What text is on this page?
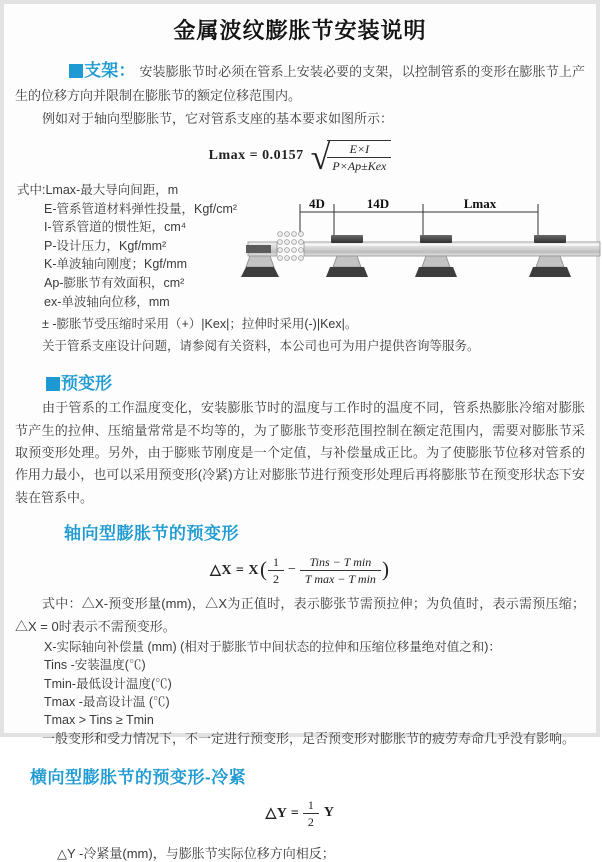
金属波纹膨胀节安装说明

支架： 安装膨胀节时必须在管系上安装必要的支架，以控制管系的变形在膨胀节上产生的位移方向并限制在膨胀节的额定位移范围内。

例如对于轴向型膨胀节，它对管系支座的基本要求如图所示：

Lmax = 0.0157 √
$\frac{E\times I}{\text{P×Ap±Kex}}$
式中:Lmax-最大导向间距，m
E-管系管道材料弹性投量，Kgf/cm²
I-管系管道的惯性矩，cm⁴
P-设计压力，Kgf/mm²
K-单波轴向刚度；Kgf/mm
Ap-膨胀节有效面积，cm²
ex-单波轴向位移，mm
± -膨胀节受压缩时采用（+）|Kex|；拉伸时采用(-)|Kex|。
关于管系支座设计问题，请参阅有关资料，本公司也可为用户提供咨询等服务。
4D	14D	Lmax
预变形

由于管系的工作温度变化，安装膨胀节时的温度与工作时的温度不同，管系热膨胀冷缩对膨胀节产生的拉伸、压缩量常常是不均等的，为了膨胀节变形范围控制在额定范围内，需要对膨胀节采取预变形处理。另外，由于膨账节刚度是一个定值，与补偿量成正比。为了使膨胀节位移对管系的作用力最小，也可以采用预变形(冷紧)方让对膨胀节进行预变形处理后再将膨胀节在预变形状态下安装在管系中。

轴向型膨胀节的预变形
△X = X ( $\frac{1}{2} - \frac{\text{Tins − T min}}{\text{T max − T min}}$ )

式中：△X-预变形量(mm)，△X为正值时，表示膨张节需预拉伸；为负值时，表示需预压缩；△X = 0时表示不需预变形。

X-实际轴向补偿量 (mm) (相对于膨胀节中间状态的拉伸和压缩位移量绝对值之和)：
Tins -安装温度(℃)
Tmin-最低设计温度(℃)
Tmax -最高设计温 (℃)
Tmax > Tins ≥ Tmin

一般变形和受力情况下，不一定进行预变形，足否预变形对膨胀节的疲劳寿命几乎没有影响。

横向型膨胀节的预变形-冷紧
△Y =
$\frac{1}{2}$ Y
△Y -冷紧量(mm)，与膨胀节实际位移方向相反；
